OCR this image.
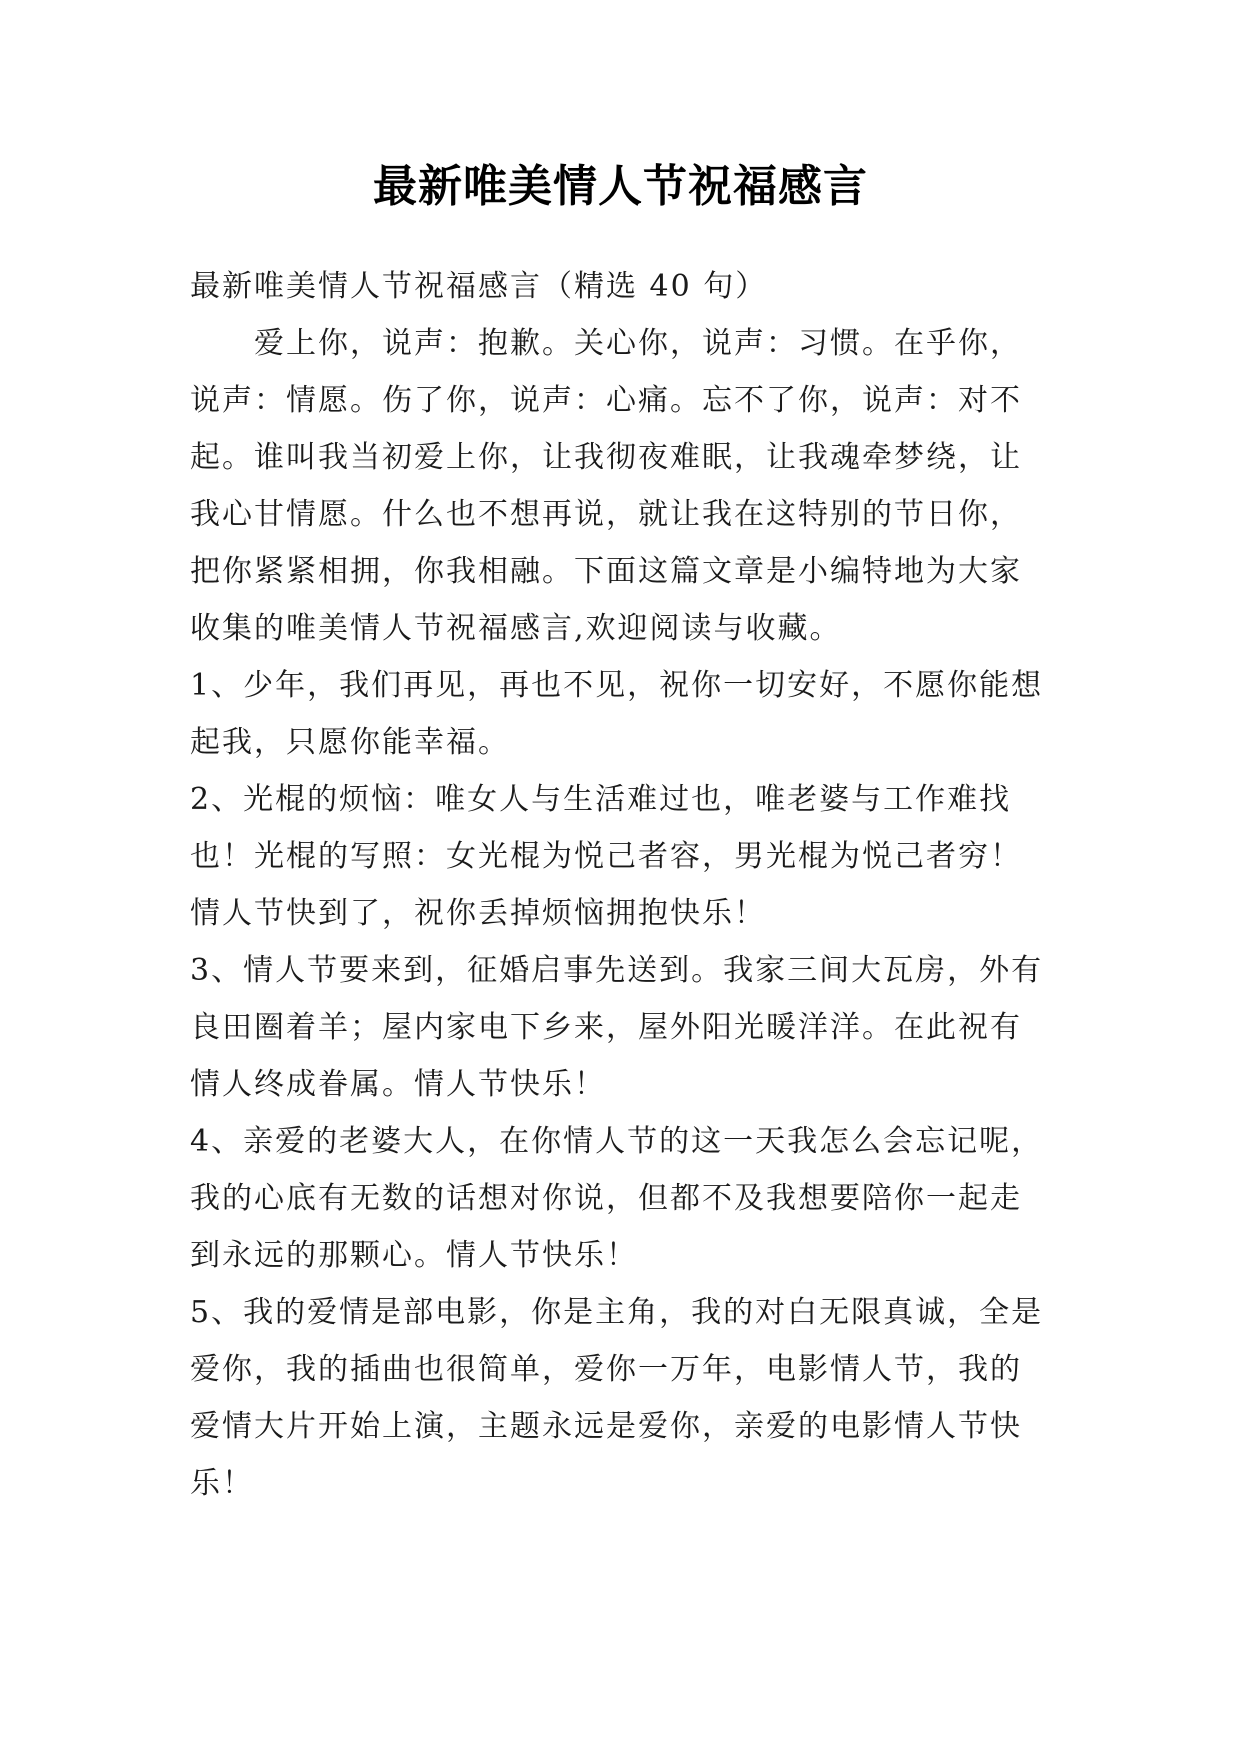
最新唯美情人节祝福感言

最新唯美情人节祝福感言（精选 40 句）

爱上你，说声：抱歉。关心你，说声：习惯。在乎你，说声：情愿。伤了你，说声：心痛。忘不了你，说声：对不起。谁叫我当初爱上你，让我彻夜难眠，让我魂牵梦绕，让我心甘情愿。什么也不想再说，就让我在这特别的节日你，把你紧紧相拥，你我相融。下面这篇文章是小编特地为大家收集的唯美情人节祝福感言,欢迎阅读与收藏。

1、少年，我们再见，再也不见，祝你一切安好，不愿你能想起我，只愿你能幸福。

2、光棍的烦恼：唯女人与生活难过也，唯老婆与工作难找也！光棍的写照：女光棍为悦己者容，男光棍为悦己者穷！情人节快到了，祝你丢掉烦恼拥抱快乐！

3、情人节要来到，征婚启事先送到。我家三间大瓦房，外有良田圈着羊；屋内家电下乡来，屋外阳光暖洋洋。在此祝有情人终成眷属。情人节快乐！

4、亲爱的老婆大人，在你情人节的这一天我怎么会忘记呢，我的心底有无数的话想对你说，但都不及我想要陪你一起走到永远的那颗心。情人节快乐！

5、我的爱情是部电影，你是主角，我的对白无限真诚，全是爱你，我的插曲也很简单，爱你一万年，电影情人节，我的爱情大片开始上演，主题永远是爱你，亲爱的电影情人节快乐！
